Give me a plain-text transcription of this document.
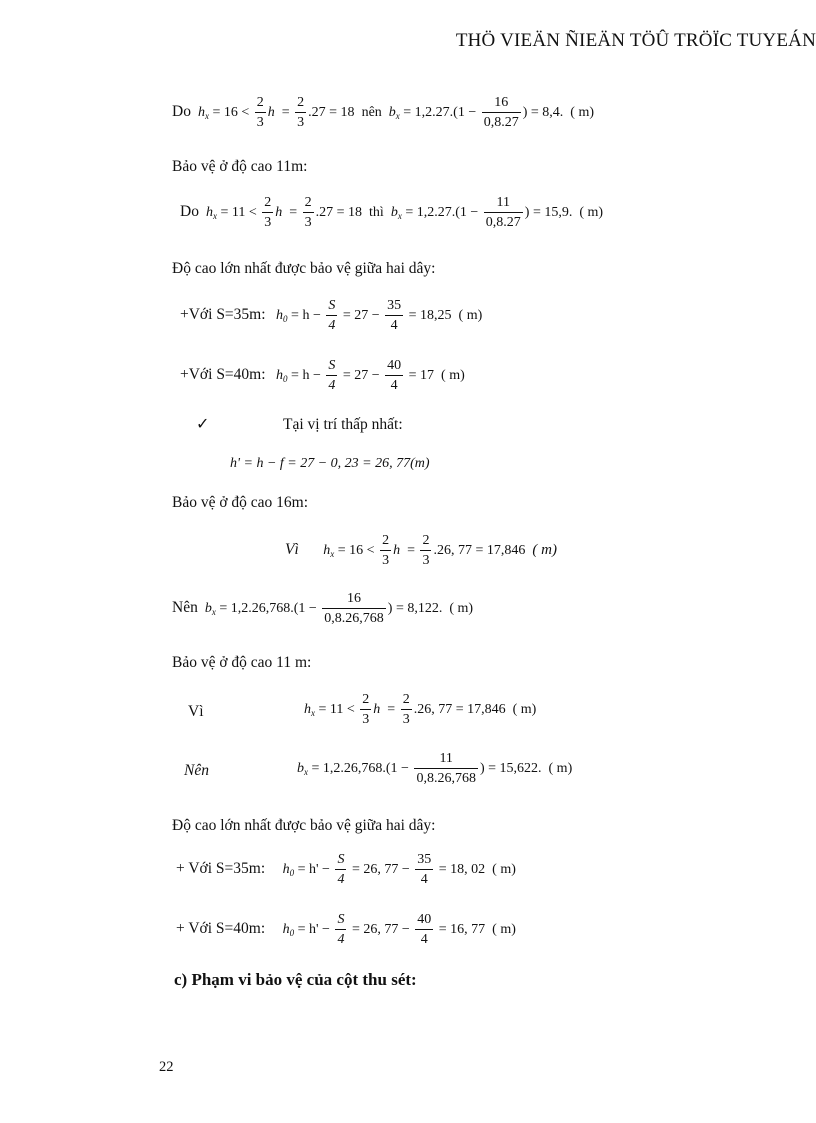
THÖ VIEÄN ÑIEÄN TÖÛ TRÖÏC TUYEÁN
Do $h_x = 16 < \frac{2}{3}$ $h = \frac{2}{3} .27 = 18$ nên $b_x = 1,2.27.(1 - \frac{16}{0,8.27}$ ) = 8,4. ( m)
Bảo vệ ở độ cao 11m:
Do $h_x = 11 < \frac{2}{3}$ $h = \frac{2}{3} .27 = 18$ thì $b_x = 1,2.27.(1 - \frac{11}{0,8.27}$ ) = 15,9. ( m)
Độ cao lớn nhất được bảo vệ giữa hai dây:
+Với S=35m: $h_0 = h - \frac{S}{4} = 27 - \frac{35}{4} = 18,25$ ( m)
+Với S=40m: $h_0 = h - \frac{S}{4} = 27 - \frac{40}{4} = 17$ ( m)
✓	Tại vị trí thấp nhất:
h' = h − f = 27 − 0, 23 = 26, 77(m)
Bảo vệ ở độ cao 16m:
Vì $h_x = 16 < \frac{2}{3}$ $h = \frac{2}{3} .26$, 77 = 17,846 ( m)
Nên $b_x = 1,2.26,768.(1 - \frac{16}{0,8.26,768}$ ) = 8,122. ( m)
Bảo vệ ở độ cao 11 m:
Vì	$h_x = 11 < \frac{2}{3}$ $h = \frac{2}{3} .26$, 77 = 17,846 ( m)
Nên	$b_x = 1,2.26,768.(1 - \frac{11}{0,8.26,768}$ ) = 15,622. ( m)
Độ cao lớn nhất được bảo vệ giữa hai dây:
+ Với S=35m: $h_0 = h' - \frac{S}{4} = 26$, $77 - \frac{35}{4} = 18$, 02 ( m)
+ Với S=40m: $h_0 = h' - \frac{S}{4} = 26$, $77 - \frac{40}{4} = 16$, 77 ( m)
c) Phạm vi bảo vệ của cột thu sét:
22
